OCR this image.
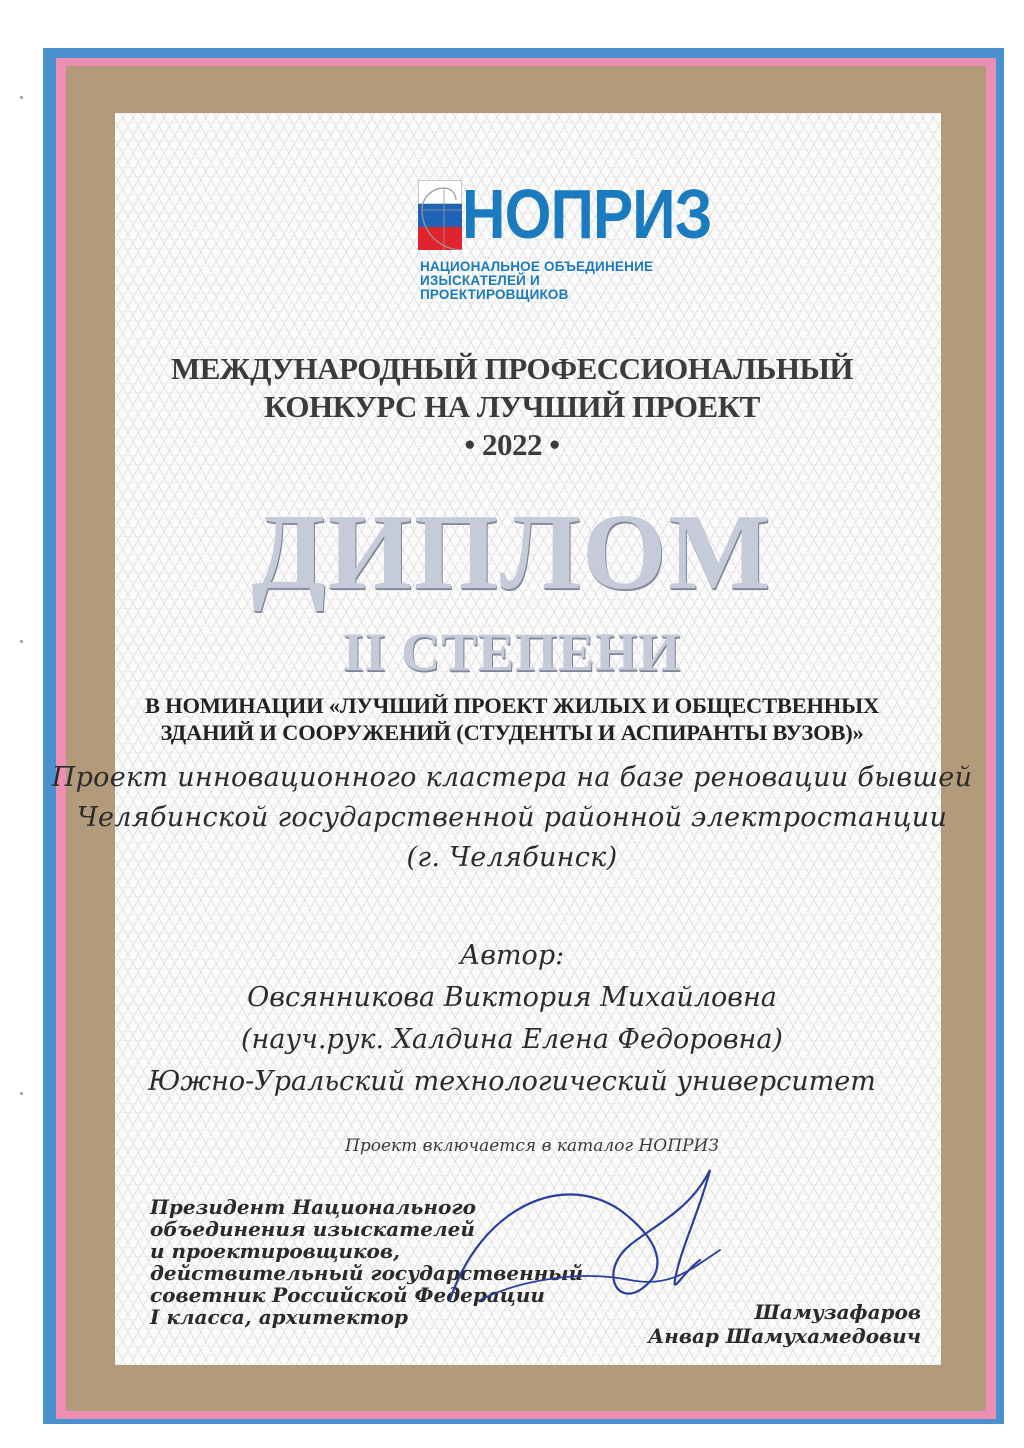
НОПРИЗ
НАЦИОНАЛЬНОЕ ОБЪЕДИНЕНИЕ
ИЗЫСКАТЕЛЕЙ И ПРОЕКТИРОВЩИКОВ
МЕЖДУНАРОДНЫЙ ПРОФЕССИОНАЛЬНЫЙ
КОНКУРС НА ЛУЧШИЙ ПРОЕКТ
• 2022 •
ДИПЛОМ
II СТЕПЕНИ
В НОМИНАЦИИ «ЛУЧШИЙ ПРОЕКТ ЖИЛЫХ И ОБЩЕСТВЕННЫХ
ЗДАНИЙ И СООРУЖЕНИЙ (СТУДЕНТЫ И АСПИРАНТЫ ВУЗОВ)»
Проект инновационного кластера на базе реновации бывшей
Челябинской государственной районной электростанции
(г. Челябинск)
Автор:
Овсянникова Виктория Михайловна
(науч.рук. Халдина Елена Федоровна)
Южно-Уральский технологический университет
Проект включается в каталог НОПРИЗ
Президент Национального
объединения изыскателей
и проектировщиков,
действительный государственный
советник Российской Федерации
I класса, архитектор	Шамузафаров
Анвар Шамухамедович
